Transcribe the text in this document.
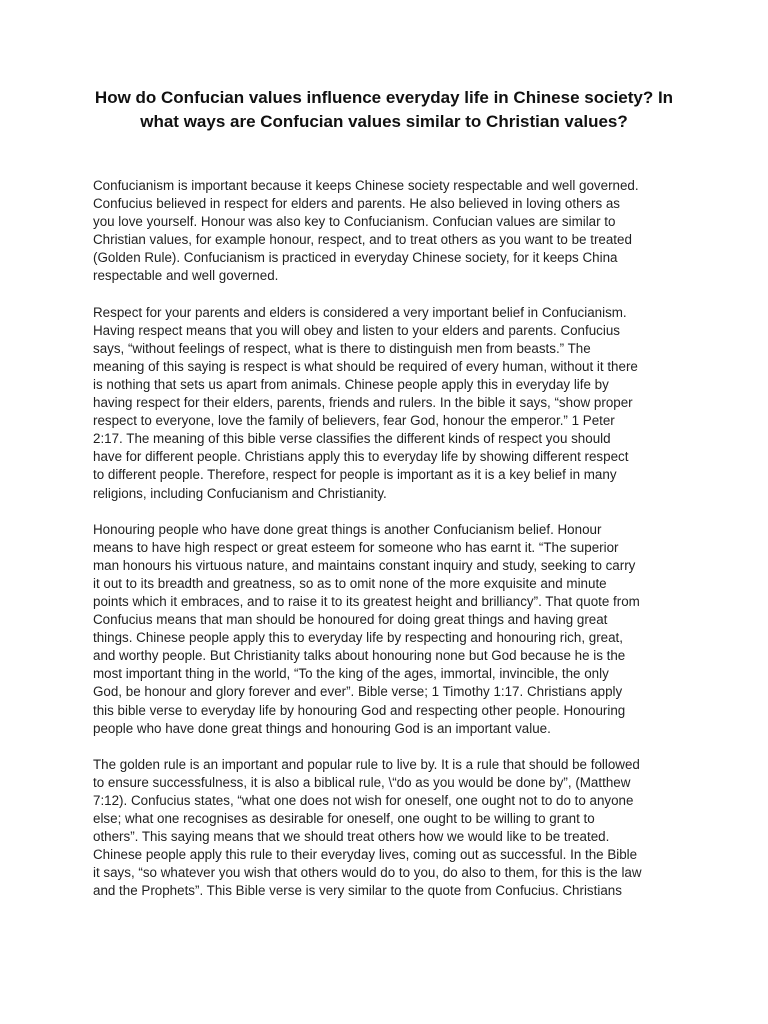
How do Confucian values influence everyday life in Chinese society? In what ways are Confucian values similar to Christian values?

Confucianism is important because it keeps Chinese society respectable and well governed.
Confucius believed in respect for elders and parents. He also believed in loving others as
you love yourself. Honour was also key to Confucianism. Confucian values are similar to
Christian values, for example honour, respect, and to treat others as you want to be treated
(Golden Rule). Confucianism is practiced in everyday Chinese society, for it keeps China
respectable and well governed.

Respect for your parents and elders is considered a very important belief in Confucianism.
Having respect means that you will obey and listen to your elders and parents. Confucius
says, “without feelings of respect, what is there to distinguish men from beasts.” The
meaning of this saying is respect is what should be required of every human, without it there
is nothing that sets us apart from animals. Chinese people apply this in everyday life by
having respect for their elders, parents, friends and rulers. In the bible it says, “show proper
respect to everyone, love the family of believers, fear God, honour the emperor.” 1 Peter
2:17. The meaning of this bible verse classifies the different kinds of respect you should
have for different people. Christians apply this to everyday life by showing different respect
to different people. Therefore, respect for people is important as it is a key belief in many
religions, including Confucianism and Christianity.

Honouring people who have done great things is another Confucianism belief. Honour
means to have high respect or great esteem for someone who has earnt it. “The superior
man honours his virtuous nature, and maintains constant inquiry and study, seeking to carry
it out to its breadth and greatness, so as to omit none of the more exquisite and minute
points which it embraces, and to raise it to its greatest height and brilliancy”. That quote from
Confucius means that man should be honoured for doing great things and having great
things. Chinese people apply this to everyday life by respecting and honouring rich, great,
and worthy people. But Christianity talks about honouring none but God because he is the
most important thing in the world, “To the king of the ages, immortal, invincible, the only
God, be honour and glory forever and ever”. Bible verse; 1 Timothy 1:17. Christians apply
this bible verse to everyday life by honouring God and respecting other people. Honouring
people who have done great things and honouring God is an important value.

The golden rule is an important and popular rule to live by. It is a rule that should be followed
to ensure successfulness, it is also a biblical rule, \“do as you would be done by”, (Matthew
7:12). Confucius states, “what one does not wish for oneself, one ought not to do to anyone
else; what one recognises as desirable for oneself, one ought to be willing to grant to
others”. This saying means that we should treat others how we would like to be treated.
Chinese people apply this rule to their everyday lives, coming out as successful. In the Bible
it says, “so whatever you wish that others would do to you, do also to them, for this is the law
and the Prophets”. This Bible verse is very similar to the quote from Confucius. Christians
